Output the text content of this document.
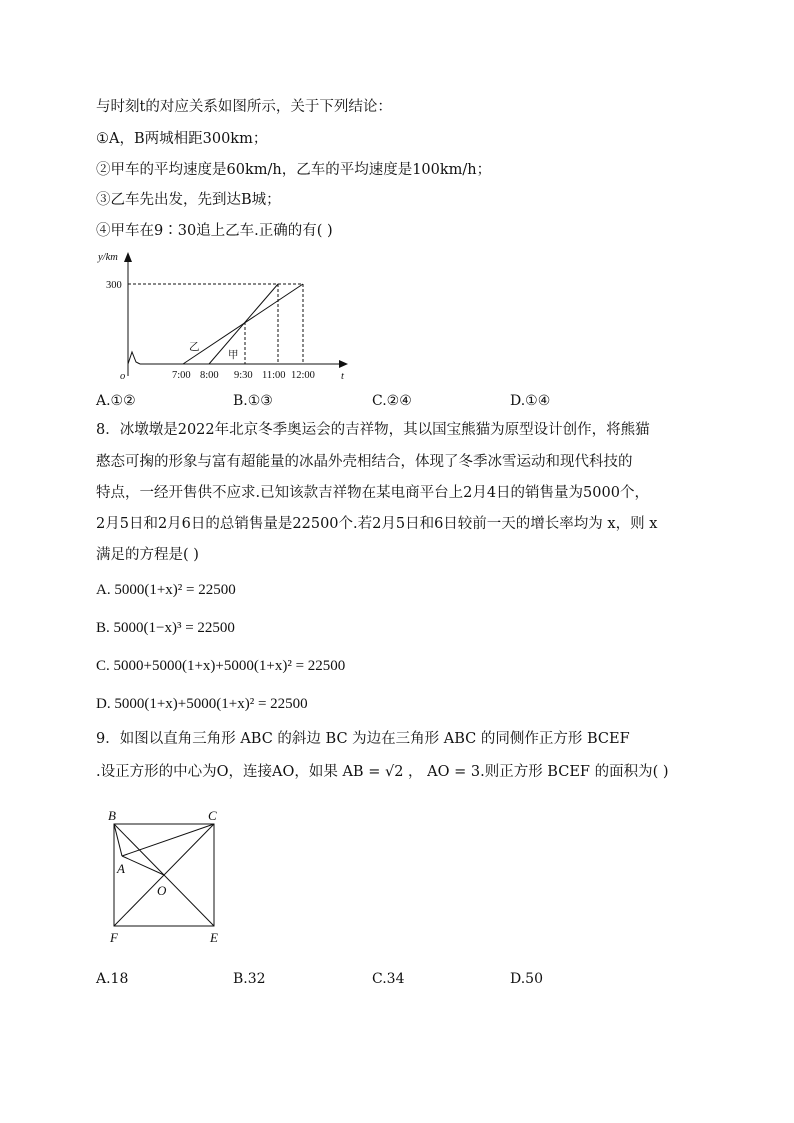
与时刻t的对应关系如图所示，关于下列结论：
①A，B两城相距300km；
②甲车的平均速度是60km/h，乙车的平均速度是100km/h；
③乙车先出发，先到达B城；
④甲车在9∶30追上乙车.正确的有( )
y/km
300
o	t
7:00 8:00 9:30 11:00 12:00
乙
甲
A.①②	B.①③	C.②④	D.①④
8．冰墩墩是2022年北京冬季奥运会的吉祥物，其以国宝熊猫为原型设计创作，将熊猫
憨态可掬的形象与富有超能量的冰晶外壳相结合，体现了冬季冰雪运动和现代科技的
特点，一经开售供不应求.已知该款吉祥物在某电商平台上2月4日的销售量为5000个，
2月5日和2月6日的总销售量是22500个.若2月5日和6日较前一天的增长率均为 x，则 x
满足的方程是( )
A. 5000(1+x)² = 22500
B. 5000(1−x)³ = 22500
C. 5000+5000(1+x)+5000(1+x)² = 22500
D. 5000(1+x)+5000(1+x)² = 22500
9．如图以直角三角形 ABC 的斜边 BC 为边在三角形 ABC 的同侧作正方形 BCEF
.设正方形的中心为O，连接AO，如果 AB = √2 ， AO = 3.则正方形 BCEF 的面积为( )
B	C
A
O
F	E
A.18	B.32	C.34	D.50
